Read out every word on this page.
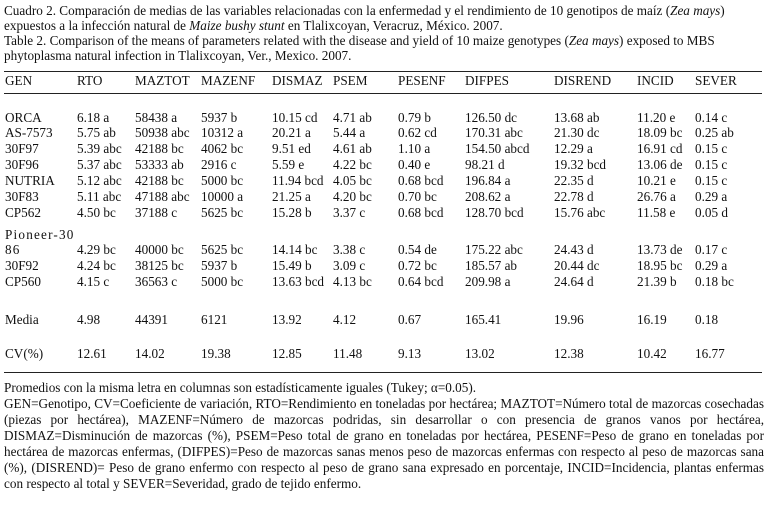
Cuadro 2. Comparación de medias de las variables relacionadas con la enfermedad y el rendimiento de 10 genotipos de maíz (Zea mays) expuestos a la infección natural de Maize bushy stunt en Tlalixcoyan, Veracruz, México. 2007.

Table 2. Comparison of the means of parameters related with the disease and yield of 10 maize genotypes (Zea mays) exposed to MBS phytoplasma natural infection in Tlalixcoyan, Ver., Mexico. 2007.

GEN	RTO MAZTOT MAZENF DISMAZ PSEM PESENF DIFPES	DISREND INCID SEVER
ORCA	6.18 a 58438 a 5937 b	10.15 cd 4.71 ab 0.79 b	126.50 dc	13.68 ab	11.20 e 0.14 c
AS-7573 5.75 ab 50938 abc 10312 a 20.21 a 5.44 a 0.62 cd 170.31 abc 21.30 dc	18.09 bc 0.25 ab
30F97	5.39 abc 42188 bc 4062 bc 9.51 ed 4.61 ab 1.10 a	154.50 abcd 12.29 a	16.91 cd 0.15 c
30F96	5.37 abc 53333 ab 2916 c	5.59 e 4.22 bc 0.40 e	98.21 d	19.32 bcd 13.06 de 0.15 c
NUTRIA 5.12 abc 42188 bc 5000 bc 11.94 bcd 4.05 bc 0.68 bcd 196.84 a	22.35 d	10.21 e 0.15 c
30F83	5.11 abc 47188 abc 10000 a 21.25 a 4.20 bc 0.70 bc 208.62 a	22.78 d	26.76 a 0.29 a
CP562	4.50 bc 37188 c 5625 bc 15.28 b 3.37 c 0.68 bcd 128.70 bcd 15.76 abc 11.58 e 0.05 d
Pioneer-3086	4.29 bc 40000 bc 5625 bc 14.14 bc 3.38 c 0.54 de 175.22 abc 24.43 d	13.73 de 0.17 c
30F92	4.24 bc 38125 bc 5937 b	15.49 b 3.09 c 0.72 bc 185.57 ab	20.44 dc	18.95 bc 0.29 a
CP560	4.15 c 36563 c 5000 bc 13.63 bcd 4.13 bc 0.64 bcd 209.98 a	24.64 d	21.39 b 0.18 bc
Media	4.98	44391	6121	13.92 4.12	0.67	165.41	19.96	16.19 0.18
CV(%)	12.61 14.02	19.38	12.85 11.48	9.13	13.02	12.38	10.42 16.77

Promedios con la misma letra en columnas son estadísticamente iguales (Tukey; α=0.05).

GEN=Genotipo, CV=Coeficiente de variación, RTO=Rendimiento en toneladas por hectárea; MAZTOT=Número total de mazorcas cosechadas (piezas por hectárea), MAZENF=Número de mazorcas podridas, sin desarrollar o con presencia de granos vanos por hectárea, DISMAZ=Disminución de mazorcas (%), PSEM=Peso total de grano en toneladas por hectárea, PESENF=Peso de grano en toneladas por hectárea de mazorcas enfermas, (DIFPES)=Peso de mazorcas sanas menos peso de mazorcas enfermas con respecto al peso de mazorcas sana (%), (DISREND)= Peso de grano enfermo con respecto al peso de grano sana expresado en porcentaje, INCID=Incidencia, plantas enfermas con respecto al total y SEVER=Severidad, grado de tejido enfermo.
